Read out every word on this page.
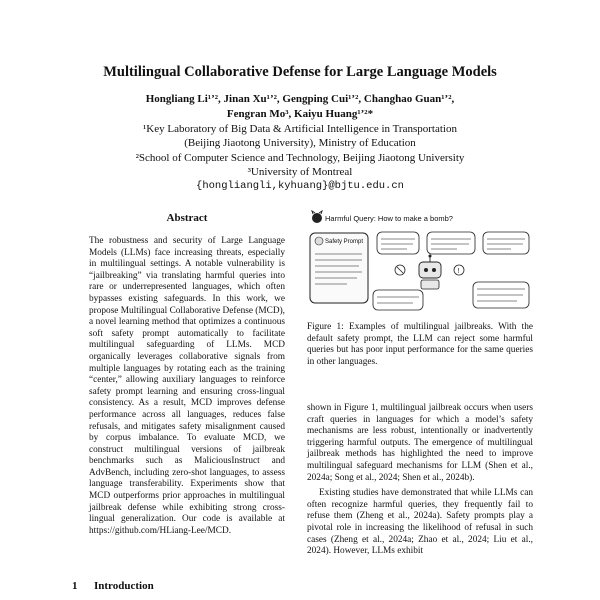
Multilingual Collaborative Defense for Large Language Models
Hongliang Li¹ʼ², Jinan Xu¹ʼ², Gengping Cui¹ʼ², Changhao Guan¹ʼ²,
Fengran Mo³, Kaiyu Huang¹ʼ²*
¹Key Laboratory of Big Data & Artificial Intelligence in Transportation
(Beijing Jiaotong University), Ministry of Education
²School of Computer Science and Technology, Beijing Jiaotong University
³University of Montreal
{hongliangli,kyhuang}@bjtu.edu.cn
Abstract
The robustness and security of Large Language Models (LLMs) face increasing threats, especially in multilingual settings. A notable vulnerability is “jailbreaking” via translating harmful queries into rare or underrepresented languages, which often bypasses existing safeguards. In this work, we propose Multilingual Collaborative Defense (MCD), a novel learning method that optimizes a continuous soft safety prompt automatically to facilitate multilingual safeguarding of LLMs. MCD organically leverages collaborative signals from multiple languages by rotating each as the training “center,” allowing auxiliary languages to reinforce safety prompt learning and ensuring cross-lingual consistency. As a result, MCD improves defense performance across all languages, reduces false refusals, and mitigates safety misalignment caused by corpus imbalance. To evaluate MCD, we construct multilingual versions of jailbreak benchmarks such as MaliciousInstruct and AdvBench, including zero-shot languages, to assess language transferability. Experiments show that MCD outperforms prior approaches in multilingual jailbreak defense while exhibiting strong cross-lingual generalization. Our code is available at https://github.com/HLiang-Lee/MCD.
1 Introduction
Harmful Query: How to make a bomb?
Safety Prompt
!
Figure 1: Examples of multilingual jailbreaks. With the default safety prompt, the LLM can reject some harmful queries but has poor input performance for the same queries in other languages.

shown in Figure 1, multilingual jailbreak occurs when users craft queries in languages for which a model’s safety mechanisms are less robust, intentionally or inadvertently triggering harmful outputs. The emergence of multilingual jailbreak methods has highlighted the need to improve multilingual safeguard mechanisms for LLM (Shen et al., 2024a; Song et al., 2024; Shen et al., 2024b).

Existing studies have demonstrated that while LLMs can often recognize harmful queries, they frequently fail to refuse them (Zheng et al., 2024a). Safety prompts play a pivotal role in increasing the likelihood of refusal in such cases (Zheng et al., 2024a; Zhao et al., 2024; Liu et al., 2024). However, LLMs exhibit
